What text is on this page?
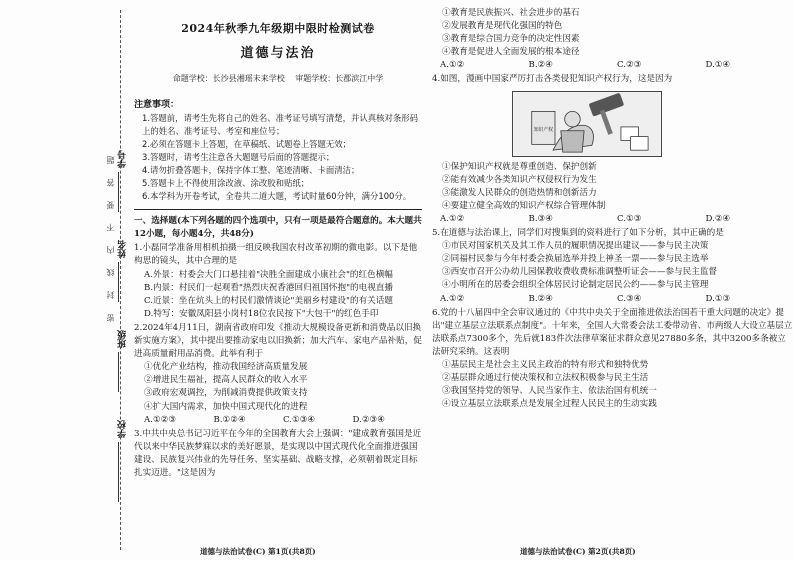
学号
姓名
班级
学校
密 封 线 内 不 要 答 题
2024年秋季九年级期中限时检测试卷
道德与法治
命题学校：长沙县湘瑶未来学校 审题学校：长郡滨江中学
注意事项：

1.答题前，请考生先将自己的姓名、准考证号填写清楚，并认真核对条形码

上的姓名、准考证号、考室和座位号；

2.必须在答题卡上答题，在草稿纸、试题卷上答题无效；

3.答题时，请考生注意各大题题号后面的答题提示；

4.请勿折叠答题卡，保持字体工整、笔迹清晰、卡面清洁；

5.答题卡上不得使用涂改液、涂改胶和贴纸；

6.本学科为开卷考试，全卷共二道大题，考试时量60分钟，满分100分。

一、选择题(本下列各题的四个选项中，只有一项是最符合题意的。本大题共12小题，每小题4分，共48分)
1.小磊同学准备用相机拍摄一组反映我国农村改革初期的微电影。以下是他构思的镜头，其中合理的是
A.外景：村委会大门口悬挂着"决胜全面建成小康社会"的红色横幅
B.内景：村民们一起观看"热烈庆祝香港回归祖国怀抱"的电视直播
C.近景：坐在炕头上的村民们激情谈论"美丽乡村建设"的有关话题
D.特写：安徽凤阳县小岗村18位农民按下"大包干"的红色手印
2.2024年4月11日，湖南省政府印发《推动大规模设备更新和消费品以旧换新实施方案》，其中提出要推动家电以旧换新；加大汽车、家电产品补贴，促进高质量耐用品消费。此举有利于
①优化产业结构，推动我国经济高质量发展
②增进民生福祉，提高人民群众的收入水平
③政府宏观调控，为削减消费提供政策支持
④扩大国内需求，加快中国式现代化的进程
A.①②③	B.①②④	C.①③④	D.②③④
3.中共中央总书记习近平在今年的全国教育大会上强调："建成教育强国是近代以来中华民族梦寐以求的美好愿景，是实现以中国式现代化全面推进强国建设、民族复兴伟业的先导任务、坚实基础、战略支撑，必须朝着既定目标扎实迈进。"这是因为
①教育是民族振兴、社会进步的基石
②发展教育是现代化强国的特色
③教育是综合国力竞争的决定性因素
④教育是促进人全面发展的根本途径
A.①②	B.②④	C.②③	D.①④
4.如图，漫画中国家严厉打击各类侵犯知识产权行为，这是因为
知识产权
①保护知识产权就是尊重创造、保护创新
②能有效减少各类知识产权侵权行为发生
③能激发人民群众的创造热情和创新活力
④要建立健全高效的知识产权综合管理体制
A.①②	B.③④	C.①③	D.②④
5.在道德与法治课上，同学们对搜集到的资料进行了如下分析，其中正确的是
①市民对国家机关及其工作人员的履职情况提出建议——参与民主决策
②同福村民参与今年村委会换届选举并投上神圣一票——参与民主选举
③西安市召开公办幼儿园保教收费收费标准调整听证会——参与民主监督
④小明所在的居委会组织全体居民讨论制定居民公约——参与民主管理
A.①②	B.②④	C.③④	D.①③
6.党的十八届四中全会审议通过的《中共中央关于全面推进依法治国若干重大问题的决定》提出"建立基层立法联系点制度"。十年来，全国人大常委会法工委带动省、市两级人大设立基层立法联系点7300多个，先后就183件次法律草案征求群众意见27880多条，其中3200多条被立法研究采纳。这表明
①基层民主是社会主义民主政治的特有形式和独特优势
②基层群众通过行使决策权和立法权积极参与民主生活
③我国坚持党的领导、人民当家作主、依法治国有机统一
④设立基层立法联系点是发展全过程人民民主的生动实践
道德与法治试卷(C) 第1页(共8页)	道德与法治试卷(C) 第2页(共8页)
